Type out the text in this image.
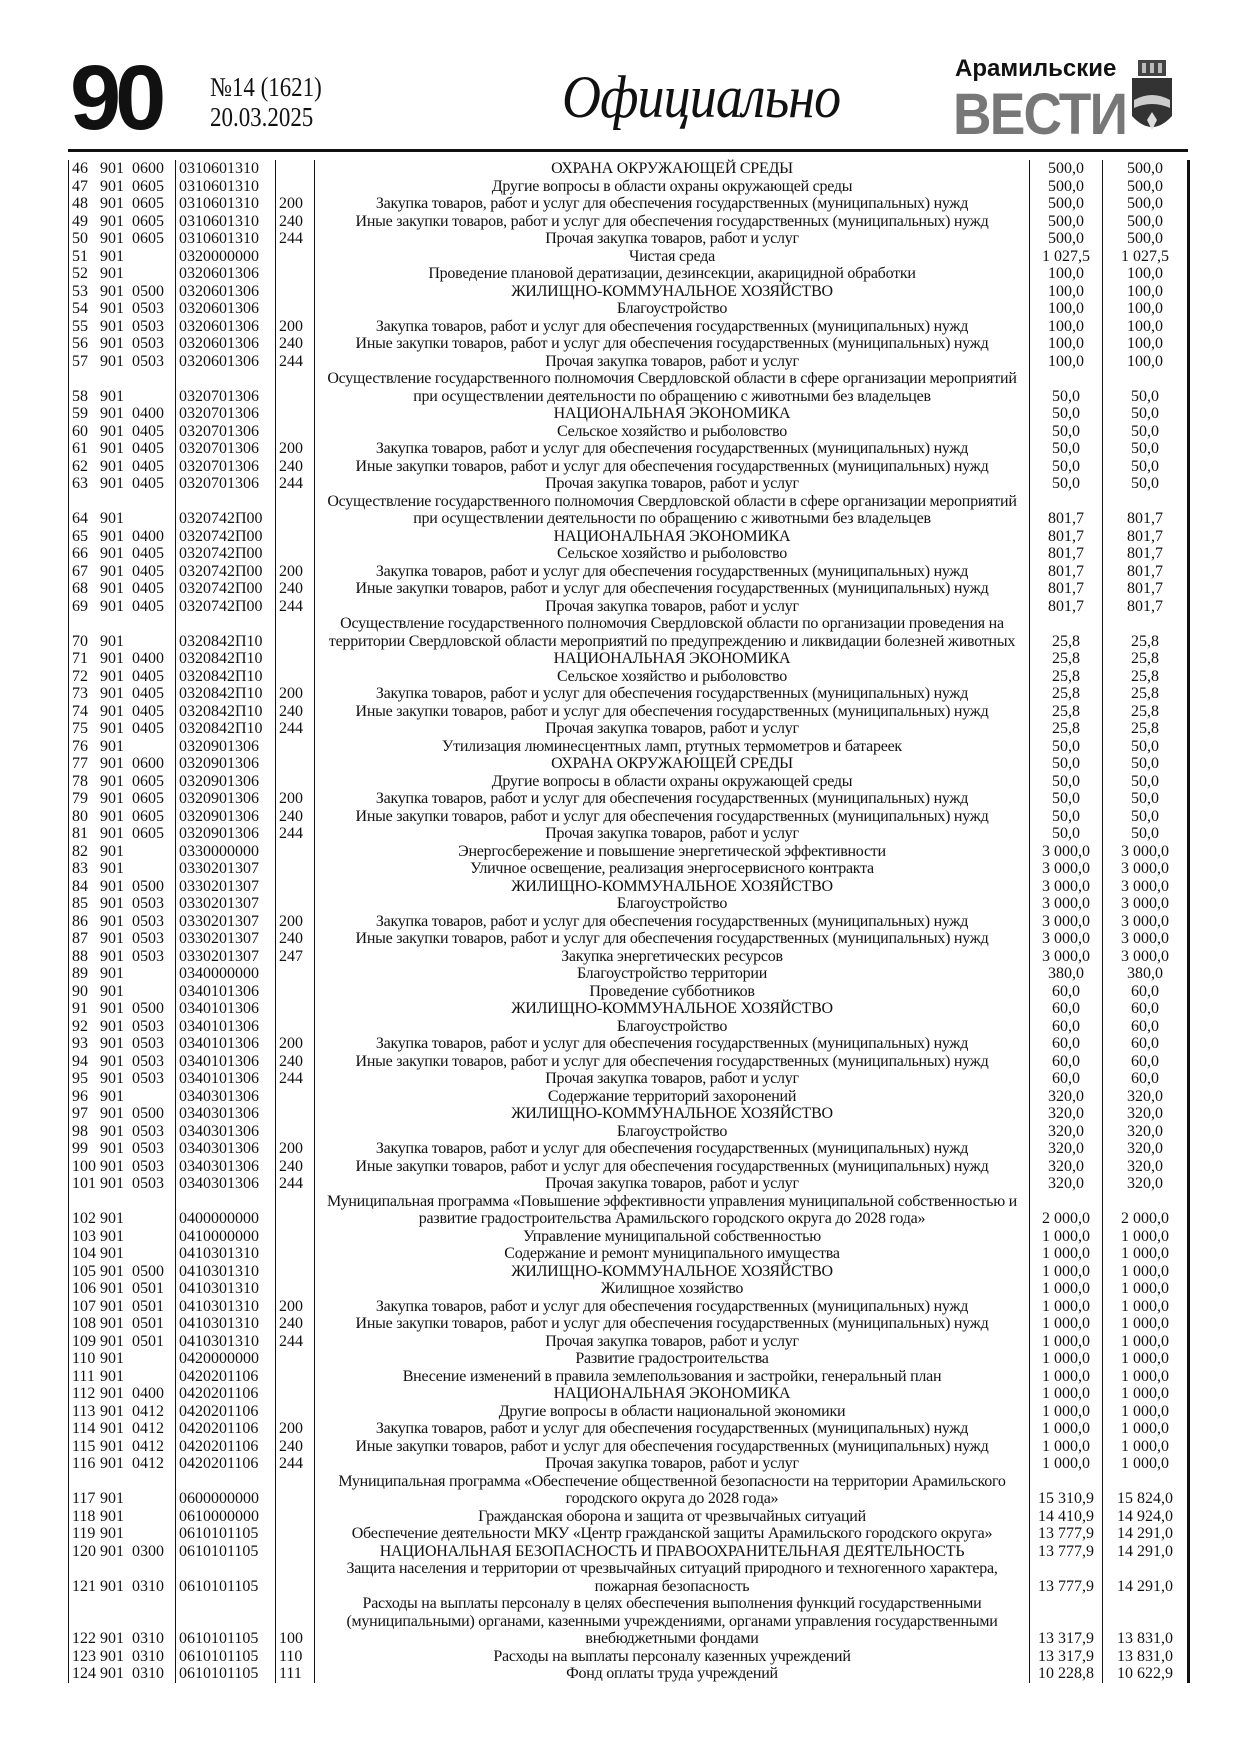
90 №14 (1621)
20.03.2025	Официально	Арамильские
ВЕСТИ
46 901 0600	0310601310		ОХРАНА ОКРУЖАЮЩЕЙ СРЕДЫ	500,0	500,0
47 901 0605	0310601310		Другие вопросы в области охраны окружающей среды	500,0	500,0
48 901 0605	0310601310	200	Закупка товаров, работ и услуг для обеспечения государственных (муниципальных) нужд	500,0	500,0
49 901 0605	0310601310	240	Иные закупки товаров, работ и услуг для обеспечения государственных (муниципальных) нужд	500,0	500,0
50 901 0605	0310601310	244	Прочая закупка товаров, работ и услуг	500,0	500,0
51 901	0320000000		Чистая среда	1 027,5	1 027,5
52 901	0320601306		Проведение плановой дератизации, дезинсекции, акарицидной обработки	100,0	100,0
53 901 0500	0320601306		ЖИЛИЩНО-КОММУНАЛЬНОЕ ХОЗЯЙСТВО	100,0	100,0
54 901 0503	0320601306		Благоустройство	100,0	100,0
55 901 0503	0320601306	200	Закупка товаров, работ и услуг для обеспечения государственных (муниципальных) нужд	100,0	100,0
56 901 0503	0320601306	240	Иные закупки товаров, работ и услуг для обеспечения государственных (муниципальных) нужд	100,0	100,0
57 901 0503	0320601306	244	Прочая закупка товаров, работ и услуг	100,0	100,0
58 901	0320701306		Осуществление государственного полномочия Свердловской области в сфере организации мероприятий при осуществлении деятельности по обращению с животными без владельцев	50,0	50,0
59 901 0400	0320701306		НАЦИОНАЛЬНАЯ ЭКОНОМИКА	50,0	50,0
60 901 0405	0320701306		Сельское хозяйство и рыболовство	50,0	50,0
61 901 0405	0320701306	200	Закупка товаров, работ и услуг для обеспечения государственных (муниципальных) нужд	50,0	50,0
62 901 0405	0320701306	240	Иные закупки товаров, работ и услуг для обеспечения государственных (муниципальных) нужд	50,0	50,0
63 901 0405	0320701306	244	Прочая закупка товаров, работ и услуг	50,0	50,0
64 901	0320742П00		Осуществление государственного полномочия Свердловской области в сфере организации мероприятий при осуществлении деятельности по обращению с животными без владельцев	801,7	801,7
65 901 0400	0320742П00		НАЦИОНАЛЬНАЯ ЭКОНОМИКА	801,7	801,7
66 901 0405	0320742П00		Сельское хозяйство и рыболовство	801,7	801,7
67 901 0405	0320742П00	200	Закупка товаров, работ и услуг для обеспечения государственных (муниципальных) нужд	801,7	801,7
68 901 0405	0320742П00	240	Иные закупки товаров, работ и услуг для обеспечения государственных (муниципальных) нужд	801,7	801,7
69 901 0405	0320742П00	244	Прочая закупка товаров, работ и услуг	801,7	801,7
70 901	0320842П10		Осуществление государственного полномочия Свердловской области по организации проведения на территории Свердловской области мероприятий по предупреждению и ликвидации болезней животных	25,8	25,8
71 901 0400	0320842П10		НАЦИОНАЛЬНАЯ ЭКОНОМИКА	25,8	25,8
72 901 0405	0320842П10		Сельское хозяйство и рыболовство	25,8	25,8
73 901 0405	0320842П10	200	Закупка товаров, работ и услуг для обеспечения государственных (муниципальных) нужд	25,8	25,8
74 901 0405	0320842П10	240	Иные закупки товаров, работ и услуг для обеспечения государственных (муниципальных) нужд	25,8	25,8
75 901 0405	0320842П10	244	Прочая закупка товаров, работ и услуг	25,8	25,8
76 901	0320901306		Утилизация люминесцентных ламп, ртутных термометров и батареек	50,0	50,0
77 901 0600	0320901306		ОХРАНА ОКРУЖАЮЩЕЙ СРЕДЫ	50,0	50,0
78 901 0605	0320901306		Другие вопросы в области охраны окружающей среды	50,0	50,0
79 901 0605	0320901306	200	Закупка товаров, работ и услуг для обеспечения государственных (муниципальных) нужд	50,0	50,0
80 901 0605	0320901306	240	Иные закупки товаров, работ и услуг для обеспечения государственных (муниципальных) нужд	50,0	50,0
81 901 0605	0320901306	244	Прочая закупка товаров, работ и услуг	50,0	50,0
82 901	0330000000		Энергосбережение и повышение энергетической эффективности	3 000,0	3 000,0
83 901	0330201307		Уличное освещение, реализация энергосервисного контракта	3 000,0	3 000,0
84 901 0500	0330201307		ЖИЛИЩНО-КОММУНАЛЬНОЕ ХОЗЯЙСТВО	3 000,0	3 000,0
85 901 0503	0330201307		Благоустройство	3 000,0	3 000,0
86 901 0503	0330201307	200	Закупка товаров, работ и услуг для обеспечения государственных (муниципальных) нужд	3 000,0	3 000,0
87 901 0503	0330201307	240	Иные закупки товаров, работ и услуг для обеспечения государственных (муниципальных) нужд	3 000,0	3 000,0
88 901 0503	0330201307	247	Закупка энергетических ресурсов	3 000,0	3 000,0
89 901	0340000000		Благоустройство территории	380,0	380,0
90 901	0340101306		Проведение субботников	60,0	60,0
91 901 0500	0340101306		ЖИЛИЩНО-КОММУНАЛЬНОЕ ХОЗЯЙСТВО	60,0	60,0
92 901 0503	0340101306		Благоустройство	60,0	60,0
93 901 0503	0340101306	200	Закупка товаров, работ и услуг для обеспечения государственных (муниципальных) нужд	60,0	60,0
94 901 0503	0340101306	240	Иные закупки товаров, работ и услуг для обеспечения государственных (муниципальных) нужд	60,0	60,0
95 901 0503	0340101306	244	Прочая закупка товаров, работ и услуг	60,0	60,0
96 901	0340301306		Содержание территорий захоронений	320,0	320,0
97 901 0500	0340301306		ЖИЛИЩНО-КОММУНАЛЬНОЕ ХОЗЯЙСТВО	320,0	320,0
98 901 0503	0340301306		Благоустройство	320,0	320,0
99 901 0503	0340301306	200	Закупка товаров, работ и услуг для обеспечения государственных (муниципальных) нужд	320,0	320,0
100 901 0503	0340301306	240	Иные закупки товаров, работ и услуг для обеспечения государственных (муниципальных) нужд	320,0	320,0
101 901 0503	0340301306	244	Прочая закупка товаров, работ и услуг	320,0	320,0
102 901	0400000000		Муниципальная программа «Повышение эффективности управления муниципальной собственностью и развитие градостроительства Арамильского городского округа до 2028 года»	2 000,0	2 000,0
103 901	0410000000		Управление муниципальной собственностью	1 000,0	1 000,0
104 901	0410301310		Содержание и ремонт муниципального имущества	1 000,0	1 000,0
105 901 0500	0410301310		ЖИЛИЩНО-КОММУНАЛЬНОЕ ХОЗЯЙСТВО	1 000,0	1 000,0
106 901 0501	0410301310		Жилищное хозяйство	1 000,0	1 000,0
107 901 0501	0410301310	200	Закупка товаров, работ и услуг для обеспечения государственных (муниципальных) нужд	1 000,0	1 000,0
108 901 0501	0410301310	240	Иные закупки товаров, работ и услуг для обеспечения государственных (муниципальных) нужд	1 000,0	1 000,0
109 901 0501	0410301310	244	Прочая закупка товаров, работ и услуг	1 000,0	1 000,0
110 901	0420000000		Развитие градостроительства	1 000,0	1 000,0
111 901	0420201106		Внесение изменений в правила землепользования и застройки, генеральный план	1 000,0	1 000,0
112 901 0400	0420201106		НАЦИОНАЛЬНАЯ ЭКОНОМИКА	1 000,0	1 000,0
113 901 0412	0420201106		Другие вопросы в области национальной экономики	1 000,0	1 000,0
114 901 0412	0420201106	200	Закупка товаров, работ и услуг для обеспечения государственных (муниципальных) нужд	1 000,0	1 000,0
115 901 0412	0420201106	240	Иные закупки товаров, работ и услуг для обеспечения государственных (муниципальных) нужд	1 000,0	1 000,0
116 901 0412	0420201106	244	Прочая закупка товаров, работ и услуг	1 000,0	1 000,0
117 901	0600000000		Муниципальная программа «Обеспечение общественной безопасности на территории Арамильского городского округа до 2028 года»	15 310,9	15 824,0
118 901	0610000000		Гражданская оборона и защита от чрезвычайных ситуаций	14 410,9	14 924,0
119 901	0610101105		Обеспечение деятельности МКУ «Центр гражданской защиты Арамильского городского округа»	13 777,9	14 291,0
120 901 0300	0610101105		НАЦИОНАЛЬНАЯ БЕЗОПАСНОСТЬ И ПРАВООХРАНИТЕЛЬНАЯ ДЕЯТЕЛЬНОСТЬ	13 777,9	14 291,0
121 901 0310	0610101105		Защита населения и территории от чрезвычайных ситуаций природного и техногенного характера, пожарная безопасность	13 777,9	14 291,0
122 901 0310	0610101105	100	Расходы на выплаты персоналу в целях обеспечения выполнения функций государственными (муниципальными) органами, казенными учреждениями, органами управления государственными внебюджетными фондами	13 317,9	13 831,0
123 901 0310	0610101105	110	Расходы на выплаты персоналу казенных учреждений	13 317,9	13 831,0
124 901 0310	0610101105	111	Фонд оплаты труда учреждений	10 228,8	10 622,9
